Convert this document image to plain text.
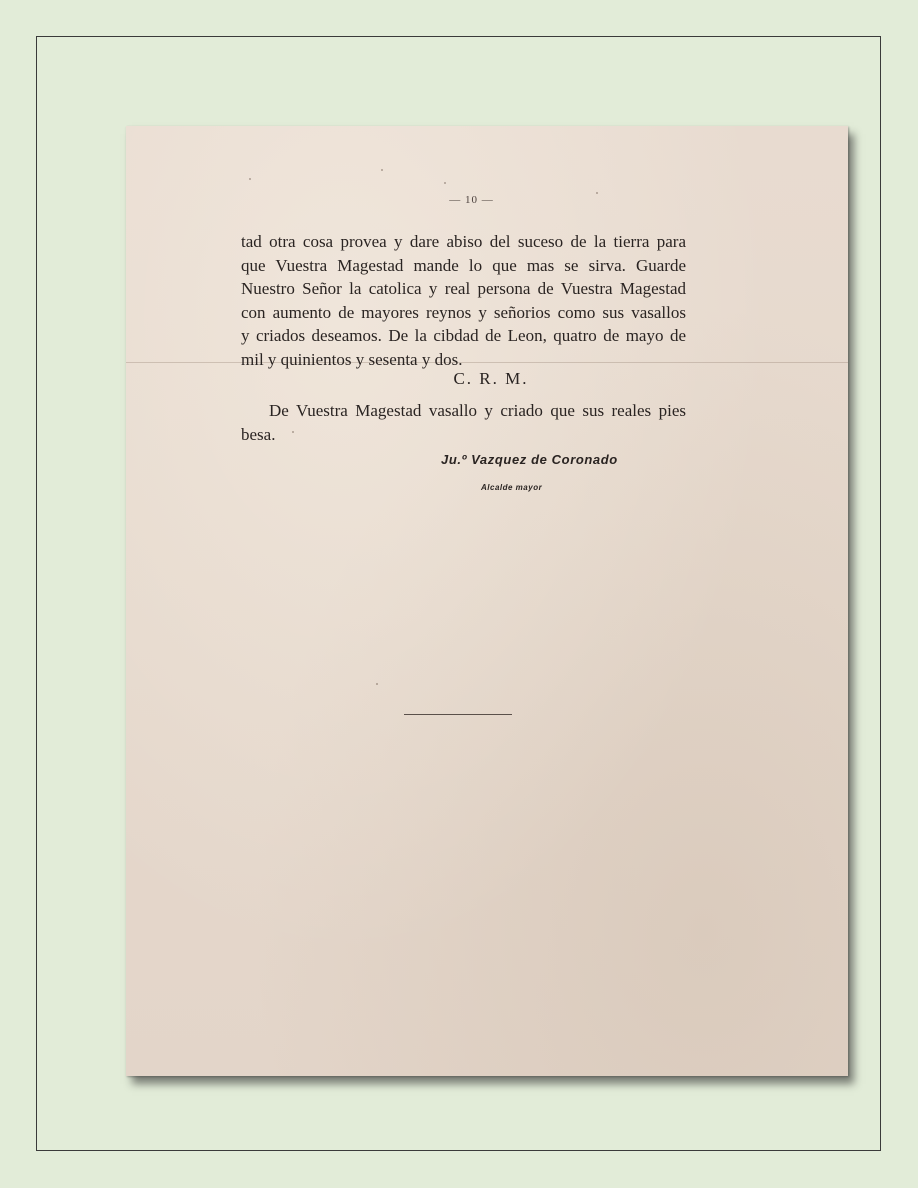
— 10 —
tad otra cosa provea y dare abiso del suceso de la tierra para
que Vuestra Magestad mande lo que mas se sirva. Guarde
Nuestro Señor la catolica y real persona de Vuestra Magestad
con aumento de mayores reynos y señorios como sus vasallos
y criados deseamos. De la cibdad de Leon, quatro de mayo de
mil y quinientos y sesenta y dos.
C. R. M.
De Vuestra Magestad vasallo y criado que sus reales pies
besa.
Ju.º Vazquez de Coronado
Alcalde mayor
